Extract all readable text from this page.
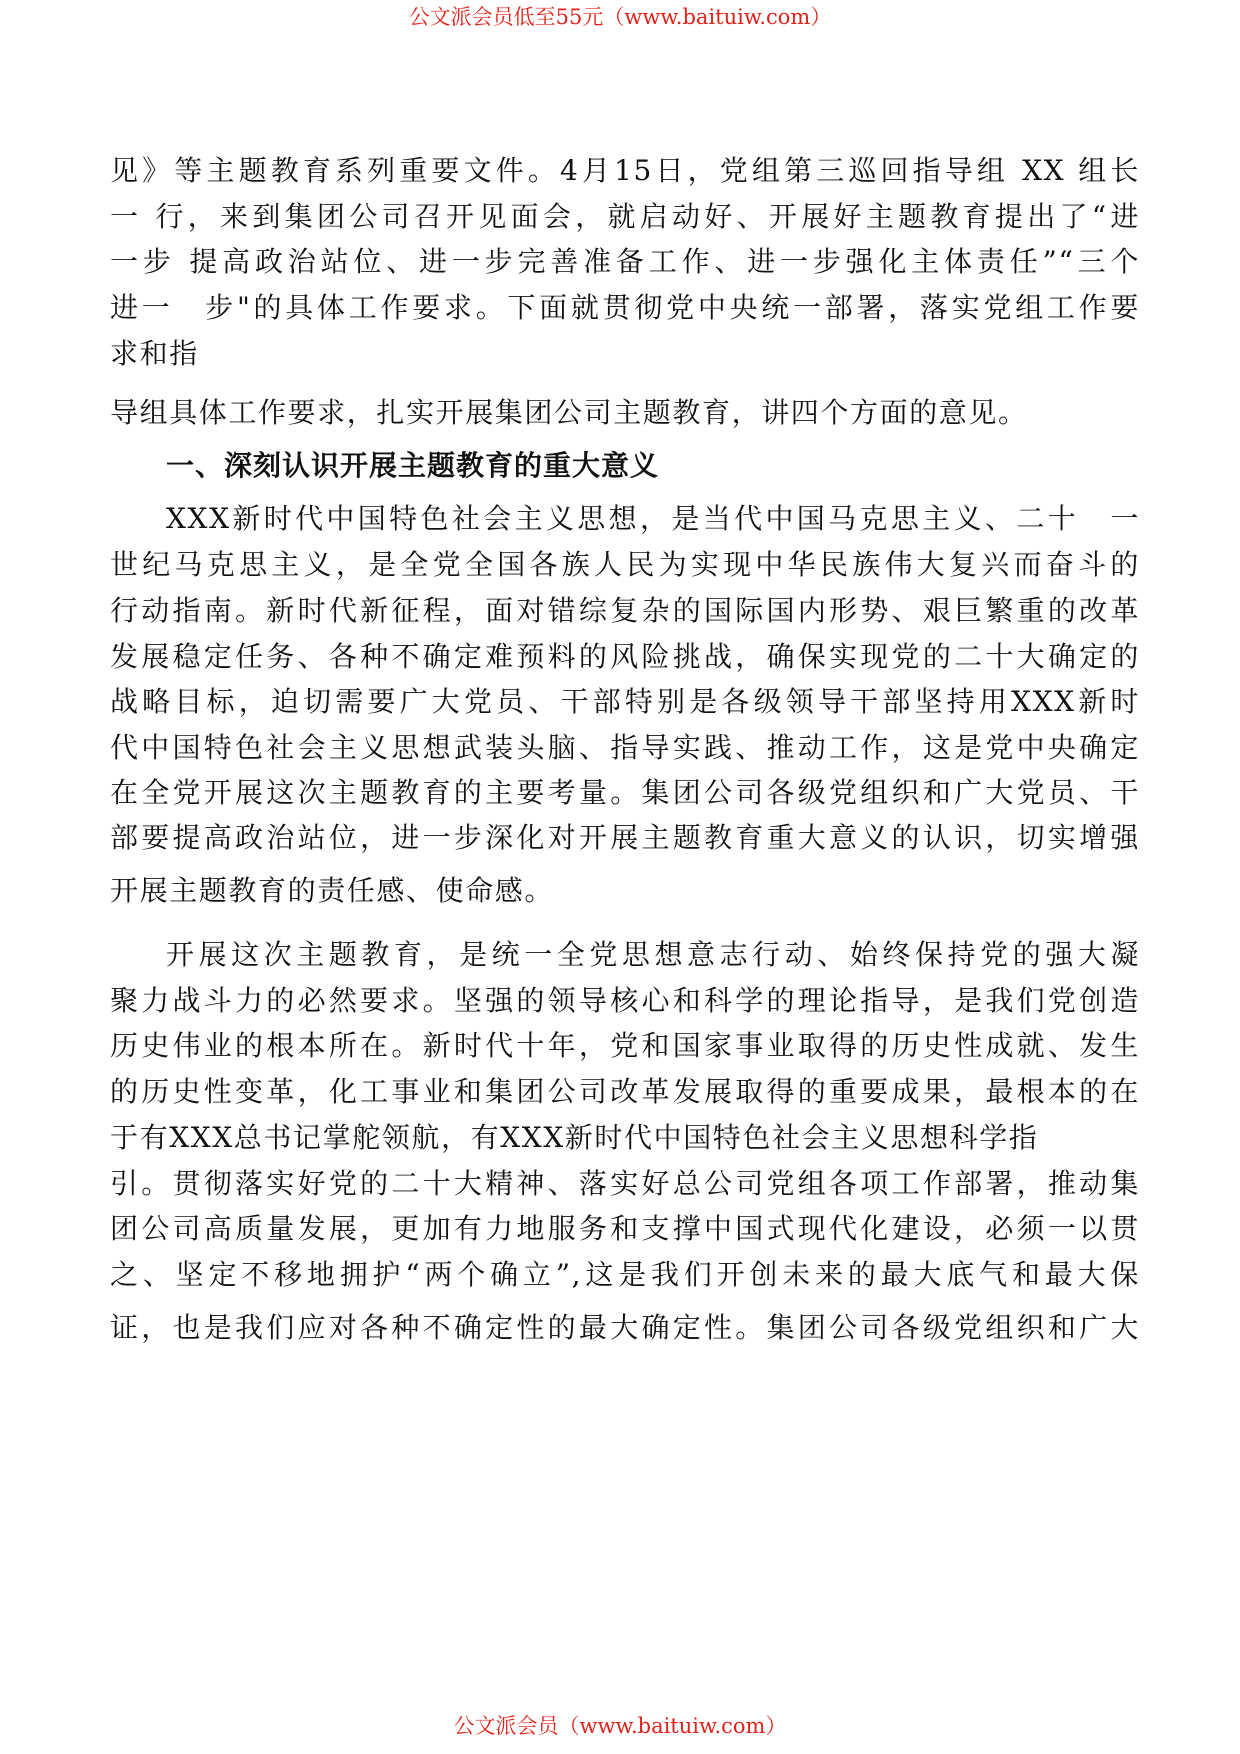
公文派会员低至55元（www.baituiw.com）
见》等主题教育系列重要文件。4月15日，党组第三巡回指导组 XX 组长
一 行，来到集团公司召开见面会，就启动好、开展好主题教育提出了“进
一步 提高政治站位、进一步完善准备工作、进一步强化主体责任”“三个
进一　步"的具体工作要求。下面就贯彻党中央统一部署，落实党组工作要
求和指
导组具体工作要求，扎实开展集团公司主题教育，讲四个方面的意见。
一、深刻认识开展主题教育的重大意义
XXX新时代中国特色社会主义思想，是当代中国马克思主义、二十　一
世纪马克思主义，是全党全国各族人民为实现中华民族伟大复兴而奋斗的
行动指南。新时代新征程，面对错综复杂的国际国内形势、艰巨繁重的改革
发展稳定任务、各种不确定难预料的风险挑战，确保实现党的二十大确定的
战略目标，迫切需要广大党员、干部特别是各级领导干部坚持用XXX新时
代中国特色社会主义思想武装头脑、指导实践、推动工作，这是党中央确定
在全党开展这次主题教育的主要考量。集团公司各级党组织和广大党员、干
部要提高政治站位，进一步深化对开展主题教育重大意义的认识，切实增强
开展主题教育的责任感、使命感。
开展这次主题教育，是统一全党思想意志行动、始终保持党的强大凝
聚力战斗力的必然要求。坚强的领导核心和科学的理论指导，是我们党创造
历史伟业的根本所在。新时代十年，党和国家事业取得的历史性成就、发生
的历史性变革，化工事业和集团公司改革发展取得的重要成果，最根本的在
于有XXX总书记掌舵领航，有XXX新时代中国特色社会主义思想科学指
引。贯彻落实好党的二十大精神、落实好总公司党组各项工作部署，推动集
团公司高质量发展，更加有力地服务和支撑中国式现代化建设，必须一以贯
之、坚定不移地拥护“两个确立”,这是我们开创未来的最大底气和最大保
证，也是我们应对各种不确定性的最大确定性。集团公司各级党组织和广大
公文派会员（www.baituiw.com）
